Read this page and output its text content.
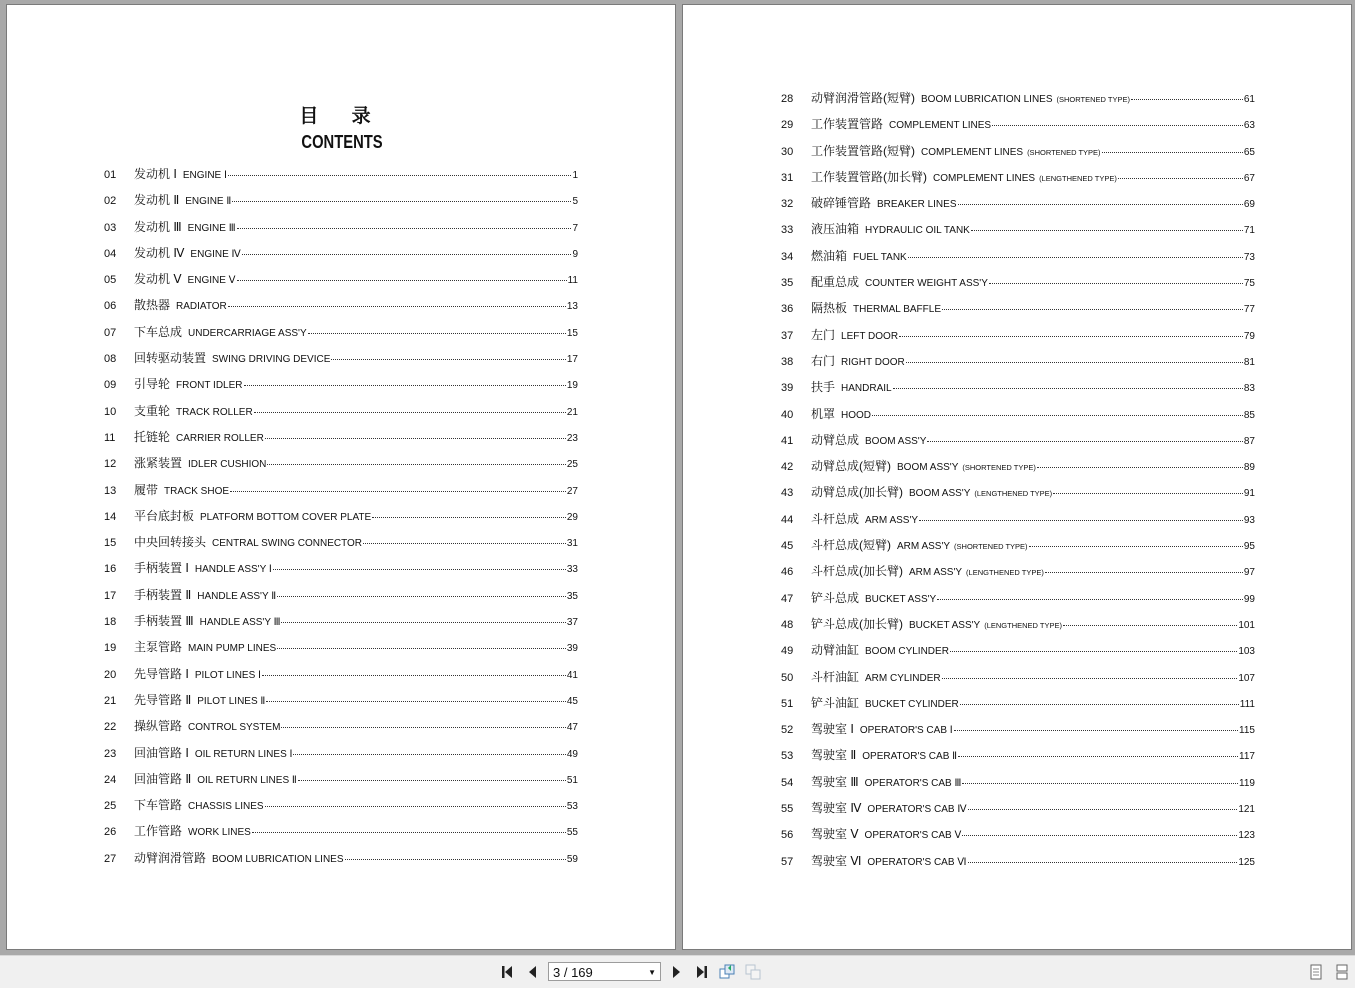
目 录
CONTENTS
01	发动机 Ⅰ ENGINE Ⅰ	1
02	发动机 Ⅱ ENGINE Ⅱ	5
03	发动机 Ⅲ ENGINE Ⅲ	7
04	发动机 Ⅳ ENGINE Ⅳ	9
05	发动机 Ⅴ ENGINE Ⅴ	11
06	散热器 RADIATOR	13
07	下车总成 UNDERCARRIAGE ASS'Y	15
08	回转驱动装置 SWING DRIVING DEVICE	17
09	引导轮 FRONT IDLER	19
10	支重轮 TRACK ROLLER	21
11	托链轮 CARRIER ROLLER	23
12	涨紧装置 IDLER CUSHION	25
13	履带 TRACK SHOE	27
14	平台底封板 PLATFORM BOTTOM COVER PLATE	29
15	中央回转接头 CENTRAL SWING CONNECTOR	31
16	手柄装置 Ⅰ HANDLE ASS'Y Ⅰ	33
17	手柄装置 Ⅱ HANDLE ASS'Y Ⅱ	35
18	手柄装置 Ⅲ HANDLE ASS'Y Ⅲ	37
19	主泵管路 MAIN PUMP LINES	39
20	先导管路 Ⅰ PILOT LINES Ⅰ	41
21	先导管路 Ⅱ PILOT LINES Ⅱ	45
22	操纵管路 CONTROL SYSTEM	47
23	回油管路 Ⅰ OIL RETURN LINES Ⅰ	49
24	回油管路 Ⅱ OIL RETURN LINES Ⅱ	51
25	下车管路 CHASSIS LINES	53
26	工作管路 WORK LINES	55
27	动臂润滑管路 BOOM LUBRICATION LINES	59
28	动臂润滑管路(短臂) BOOM LUBRICATION LINES (SHORTENED TYPE)	61
29	工作装置管路 COMPLEMENT LINES	63
30	工作装置管路(短臂) COMPLEMENT LINES (SHORTENED TYPE)	65
31	工作装置管路(加长臂) COMPLEMENT LINES (LENGTHENED TYPE)	67
32	破碎锤管路 BREAKER LINES	69
33	液压油箱 HYDRAULIC OIL TANK	71
34	燃油箱 FUEL TANK	73
35	配重总成 COUNTER WEIGHT ASS'Y	75
36	隔热板 THERMAL BAFFLE	77
37	左门 LEFT DOOR	79
38	右门 RIGHT DOOR	81
39	扶手 HANDRAIL	83
40	机罩 HOOD	85
41	动臂总成 BOOM ASS'Y	87
42	动臂总成(短臂) BOOM ASS'Y (SHORTENED TYPE)	89
43	动臂总成(加长臂) BOOM ASS'Y (LENGTHENED TYPE)	91
44	斗杆总成 ARM ASS'Y	93
45	斗杆总成(短臂) ARM ASS'Y (SHORTENED TYPE)	95
46	斗杆总成(加长臂) ARM ASS'Y (LENGTHENED TYPE)	97
47	铲斗总成 BUCKET ASS'Y	99
48	铲斗总成(加长臂) BUCKET ASS'Y (LENGTHENED TYPE)	101
49	动臂油缸 BOOM CYLINDER	103
50	斗杆油缸 ARM CYLINDER	107
51	铲斗油缸 BUCKET CYLINDER	111
52	驾驶室 Ⅰ OPERATOR'S CAB Ⅰ	115
53	驾驶室 Ⅱ OPERATOR'S CAB Ⅱ	117
54	驾驶室 Ⅲ OPERATOR'S CAB Ⅲ	119
55	驾驶室 Ⅳ OPERATOR'S CAB Ⅳ	121
56	驾驶室 Ⅴ OPERATOR'S CAB Ⅴ	123
57	驾驶室 Ⅵ OPERATOR'S CAB Ⅵ	125
3 / 169	▼
